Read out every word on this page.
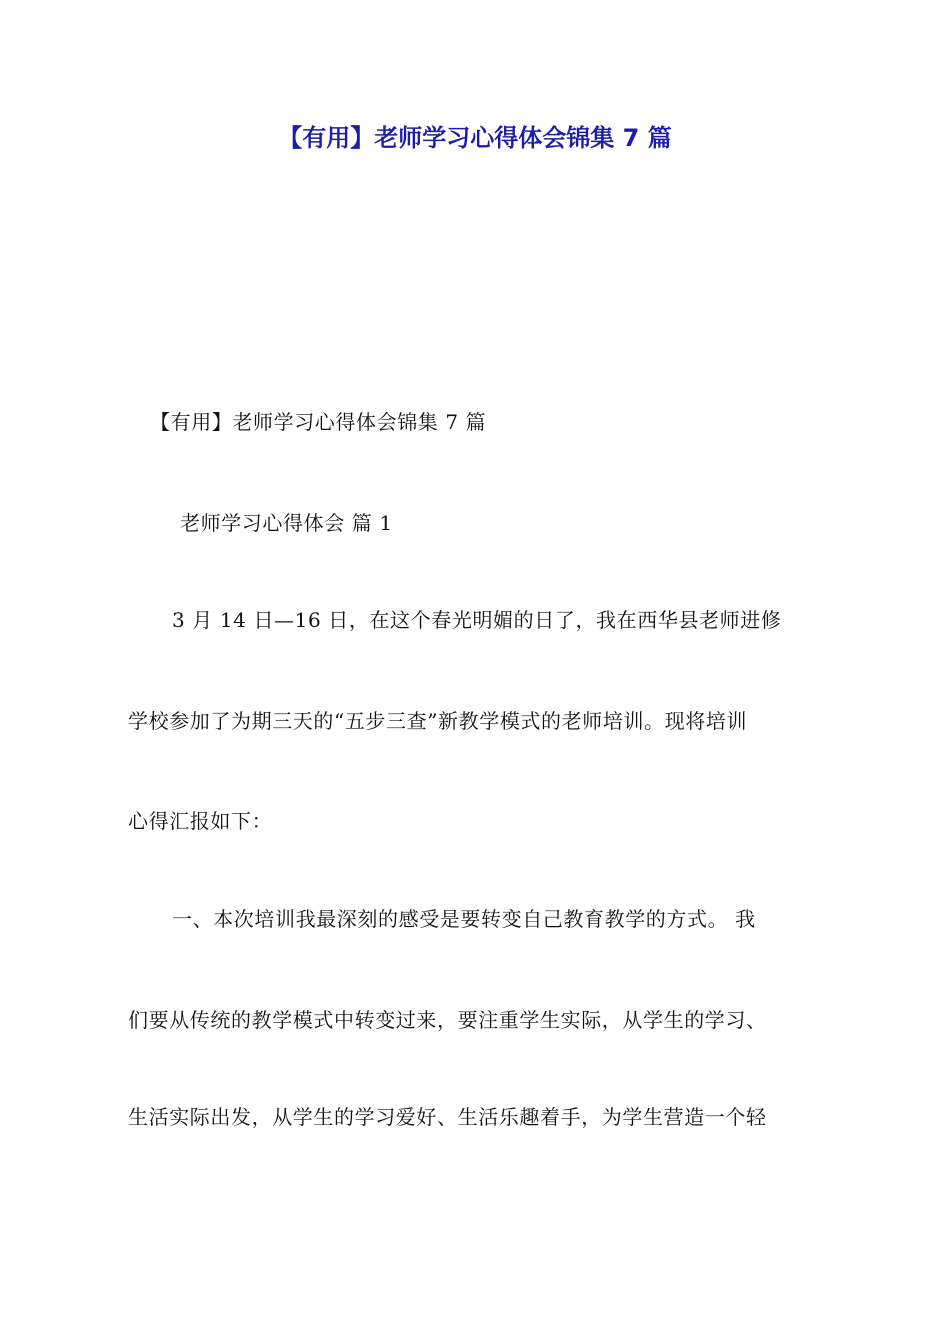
【有用】老师学习心得体会锦集 7 篇
【有用】老师学习心得体会锦集 7 篇
老师学习心得体会 篇 1
3 月 14 日—16 日，在这个春光明媚的日了，我在西华县老师进修
学校参加了为期三天的“五步三查”新教学模式的老师培训。现将培训
心得汇报如下：
一、本次培训我最深刻的感受是要转变自己教育教学的方式。 我
们要从传统的教学模式中转变过来，要注重学生实际，从学生的学习、
生活实际出发，从学生的学习爱好、生活乐趣着手，为学生营造一个轻
